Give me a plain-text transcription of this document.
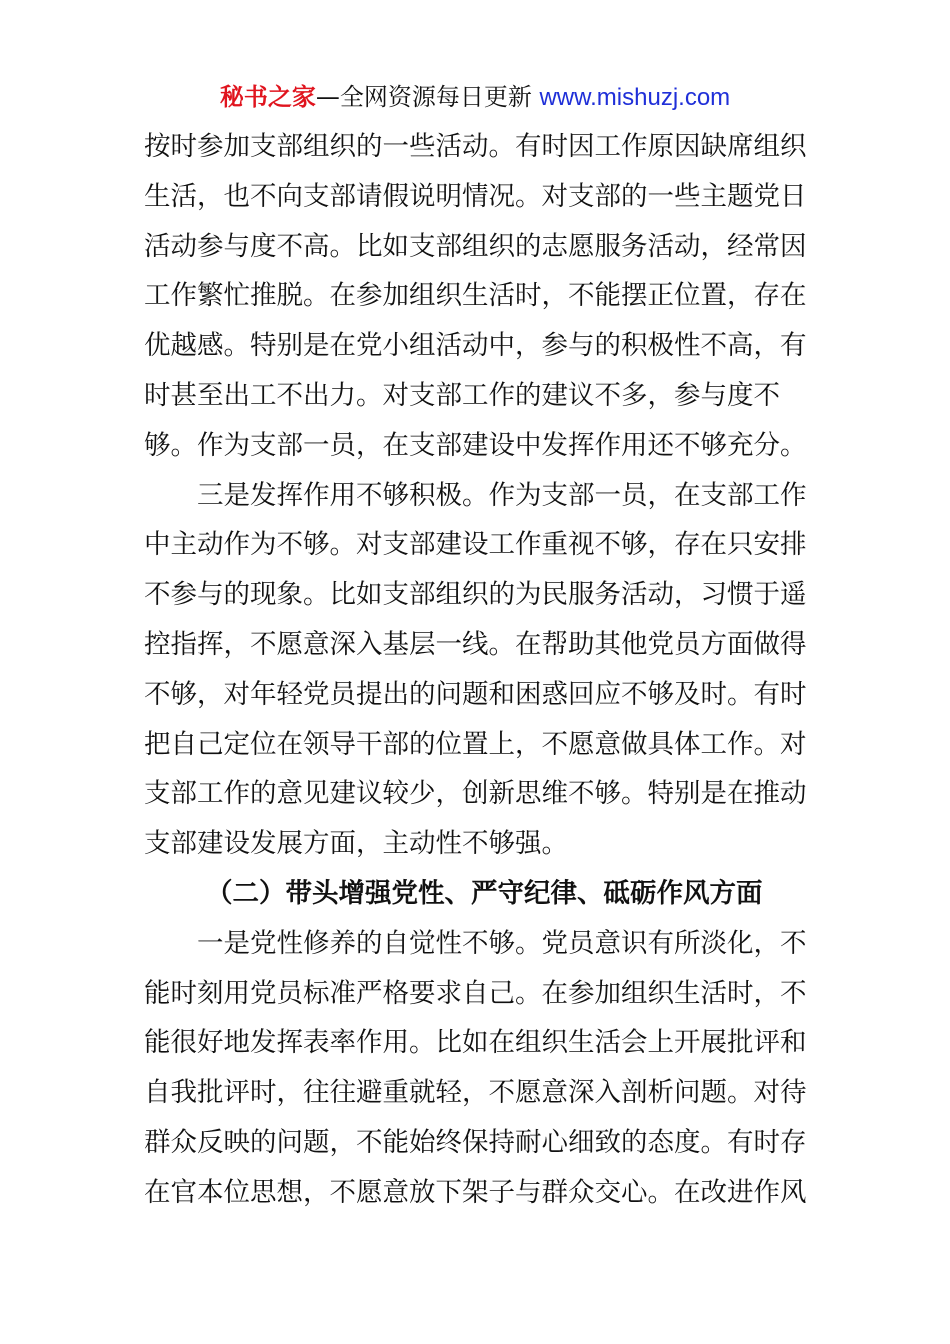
秘书之家—全网资源每日更新 www.mishuzj.com
按时参加支部组织的一些活动。有时因工作原因缺席组织
生活，也不向支部请假说明情况。对支部的一些主题党日
活动参与度不高。比如支部组织的志愿服务活动，经常因
工作繁忙推脱。在参加组织生活时，不能摆正位置，存在
优越感。特别是在党小组活动中，参与的积极性不高，有
时甚至出工不出力。对支部工作的建议不多，参与度不
够。作为支部一员，在支部建设中发挥作用还不够充分。
三是发挥作用不够积极。作为支部一员，在支部工作
中主动作为不够。对支部建设工作重视不够，存在只安排
不参与的现象。比如支部组织的为民服务活动，习惯于遥
控指挥，不愿意深入基层一线。在帮助其他党员方面做得
不够，对年轻党员提出的问题和困惑回应不够及时。有时
把自己定位在领导干部的位置上，不愿意做具体工作。对
支部工作的意见建议较少，创新思维不够。特别是在推动
支部建设发展方面，主动性不够强。
（二）带头增强党性、严守纪律、砥砺作风方面
一是党性修养的自觉性不够。党员意识有所淡化，不
能时刻用党员标准严格要求自己。在参加组织生活时，不
能很好地发挥表率作用。比如在组织生活会上开展批评和
自我批评时，往往避重就轻，不愿意深入剖析问题。对待
群众反映的问题，不能始终保持耐心细致的态度。有时存
在官本位思想，不愿意放下架子与群众交心。在改进作风
